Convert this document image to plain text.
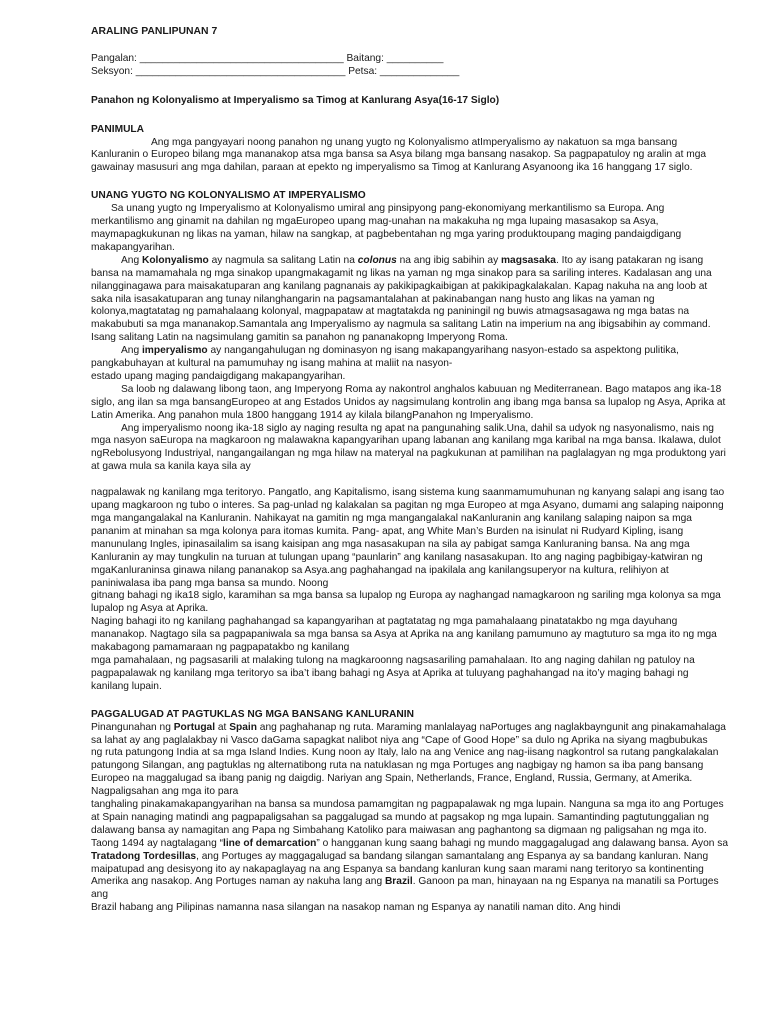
ARALING PANLIPUNAN 7
Pangalan: ____________________________________ Baitang: __________
Seksyon: _____________________________________ Petsa: ______________
Panahon ng Kolonyalismo at Imperyalismo sa Timog at Kanlurang Asya(16-17 Siglo)
PANIMULA

Ang mga pangyayari noong panahon ng unang yugto ng Kolonyalismo atImperyalismo ay nakatuon sa mga bansang Kanluranin o Europeo bilang mga mananakop atsa mga bansa sa Asya bilang mga bansang nasakop. Sa pagpapatuloy ng aralin at mga gawainay masusuri ang mga dahilan, paraan at epekto ng imperyalismo sa Timog at Kanlurang Asyanoong ika 16 hanggang 17 siglo.

UNANG YUGTO NG KOLONYALISMO AT IMPERYALISMO

Sa unang yugto ng Imperyalismo at Kolonyalismo umiral ang pinsipyong pang-ekonomiyang merkantilismo sa Europa. Ang merkantilismo ang ginamit na dahilan ng mgaEuropeo upang mag-unahan na makakuha ng mga lupaing masasakop sa Asya, maymapagkukunan ng likas na yaman, hilaw na sangkap, at pagbebentahan ng mga yaring produktoupang maging pandaigdigang makapangyarihan.

Ang Kolonyalismo ay nagmula sa salitang Latin na colonus na ang ibig sabihin ay magsasaka. Ito ay isang patakaran ng isang bansa na mamamahala ng mga sinakop upangmakagamit ng likas na yaman ng mga sinakop para sa sariling interes. Kadalasan ang una nilangginagawa para maisakatuparan ang kanilang pagnanais ay pakikipagkaibigan at pakikipagkalakalan. Kapag nakuha na ang loob at saka nila isasakatuparan ang tunay nilanghangarin na pagsamantalahan at pakinabangan nang husto ang likas na yaman ng kolonya,magtatatag ng pamahalaang kolonyal, magpapataw at magtatakda ng paniningil ng buwis atmagsasagawa ng mga batas na makabubuti sa mga mananakop.Samantala ang Imperyalismo ay nagmula sa salitang Latin na imperium na ang ibigsabihin ay command. Isang salitang Latin na nagsimulang gamitin sa panahon ng pananakopng Imperyong Roma.

Ang imperyalismo ay nangangahulugan ng dominasyon ng isang makapangyarihang nasyon-estado sa aspektong pulitika, pangkabuhayan at kultural na pamumuhay ng isang mahina at maliit na nasyon-
estado upang maging pandaigdigang makapangyarihan.

Sa loob ng dalawang libong taon, ang Imperyong Roma ay nakontrol anghalos kabuuan ng Mediterranean. Bago matapos ang ika-18 siglo, ang ilan sa mga bansangEuropeo at ang Estados Unidos ay nagsimulang kontrolin ang ibang mga bansa sa lupalop ng Asya, Aprika at Latin Amerika. Ang panahon mula 1800 hanggang 1914 ay kilala bilangPanahon ng Imperyalismo.

Ang imperyalismo noong ika-18 siglo ay naging resulta ng apat na pangunahing salik.Una, dahil sa udyok ng nasyonalismo, nais ng mga nasyon saEuropa na magkaroon ng malawakna kapangyarihan upang labanan ang kanilang mga karibal na mga bansa. Ikalawa, dulot ngRebolusyong Industriyal, nangangailangan ng mga hilaw na materyal na pagkukunan at pamilihan na paglalagyan ng mga produktong yari at gawa mula sa kanila kaya sila ay

nagpalawak ng kanilang mga teritoryo. Pangatlo, ang Kapitalismo, isang sistema kung saanmamumuhunan ng kanyang salapi ang isang tao upang magkaroon ng tubo o interes. Sa pag-unlad ng kalakalan sa pagitan ng mga Europeo at mga Asyano, dumami ang salaping naiponng mga mangangalakal na Kanluranin. Nahikayat na gamitin ng mga mangangalakal naKanluranin ang kanilang salaping naipon sa mga pananim at minahan sa mga kolonya para itomas kumita. Pang- apat, ang White Man’s Burden na isinulat ni Rudyard Kipling, isang manunulang Ingles, ipinasailalim sa isang kaisipan ang mga nasasakupan na sila ay pabigat samga Kanluraning bansa. Na ang mga Kanluranin ay may tungkulin na turuan at tulungan upang “paunlarin” ang kanilang nasasakupan. Ito ang naging pagbibigay-katwiran ng mgaKanluraninsa ginawa nilang pananakop sa Asya.ang paghahangad na ipakilala ang kanilangsuperyor na kultura, relihiyon at paniniwalasa iba pang mga bansa sa mundo. Noong

gitnang bahagi ng ika18 siglo, karamihan sa mga bansa sa lupalop ng Europa ay naghangad namagkaroon ng sariling mga kolonya sa mga lupalop ng Asya at Aprika.

Naging bahagi ito ng kanilang paghahangad sa kapangyarihan at pagtatatag ng mga pamahalaang pinatatakbo ng mga dayuhang mananakop. Nagtago sila sa pagpapaniwala sa mga bansa sa Asya at Aprika na ang kanilang pamumuno ay magtuturo sa mga ito ng mga makabagong pamamaraan ng pagpapatakbo ng kanilang

mga pamahalaan, ng pagsasarili at malaking tulong na magkaroonng nagsasariling pamahalaan. Ito ang naging dahilan ng patuloy na pagpapalawak ng kanilang mga teritoryo sa iba’t ibang bahagi ng Asya at Aprika at tuluyang paghahangad na ito’y maging bahagi ng kanilang lupain.

PAGGALUGAD AT PAGTUKLAS NG MGA BANSANG KANLURANIN

Pinangunahan ng Portugal at Spain ang paghahanap ng ruta. Maraming manlalayag naPortuges ang naglakbayngunit ang pinakamahalaga sa lahat ay ang paglalakbay ni Vasco daGama sapagkat nalibot niya ang “Cape of Good Hope” sa dulo ng Aprika na siyang magbubukas

ng ruta patungong India at sa mga Island Indies. Kung noon ay Italy, lalo na ang Venice ang nag-iisang nagkontrol sa rutang pangkalakalan patungong Silangan, ang pagtuklas ng alternatibong ruta na natuklasan ng mga Portuges ang nagbigay ng hamon sa iba pang bansang Europeo na maggalugad sa ibang panig ng daigdig. Nariyan ang Spain, Netherlands, France, England, Russia, Germany, at Amerika. Nagpaligsahan ang mga ito para

tanghaling pinakamakapangyarihan na bansa sa mundosa pamamgitan ng pagpapalawak ng mga lupain. Nanguna sa mga ito ang Portuges at Spain nanaging matindi ang pagpapaligsahan sa paggalugad sa mundo at pagsakop ng mga lupain. Samantinding pagtutunggalian ng dalawang bansa ay namagitan ang Papa ng Simbahang Katoliko para maiwasan ang paghantong sa digmaan ng paligsahan ng mga ito.

Taong 1494 ay nagtalagang “line of demarcation” o hangganan kung saang bahagi ng mundo maggagalugad ang dalawang bansa. Ayon sa Tratadong Tordesillas, ang Portuges ay maggagalugad sa bandang silangan samantalang ang Espanya ay sa bandang kanluran. Nang maipatupad ang desisyong ito ay nakapaglayag na ang Espanya sa bandang kanluran kung saan marami nang teritoryo sa kontinenting Amerika ang nasakop. Ang Portuges naman ay nakuha lang ang Brazil. Ganoon pa man, hinayaan na ng Espanya na manatili sa Portuges ang

Brazil habang ang Pilipinas namanna nasa silangan na nasakop naman ng Espanya ay nanatili naman dito. Ang hindi
